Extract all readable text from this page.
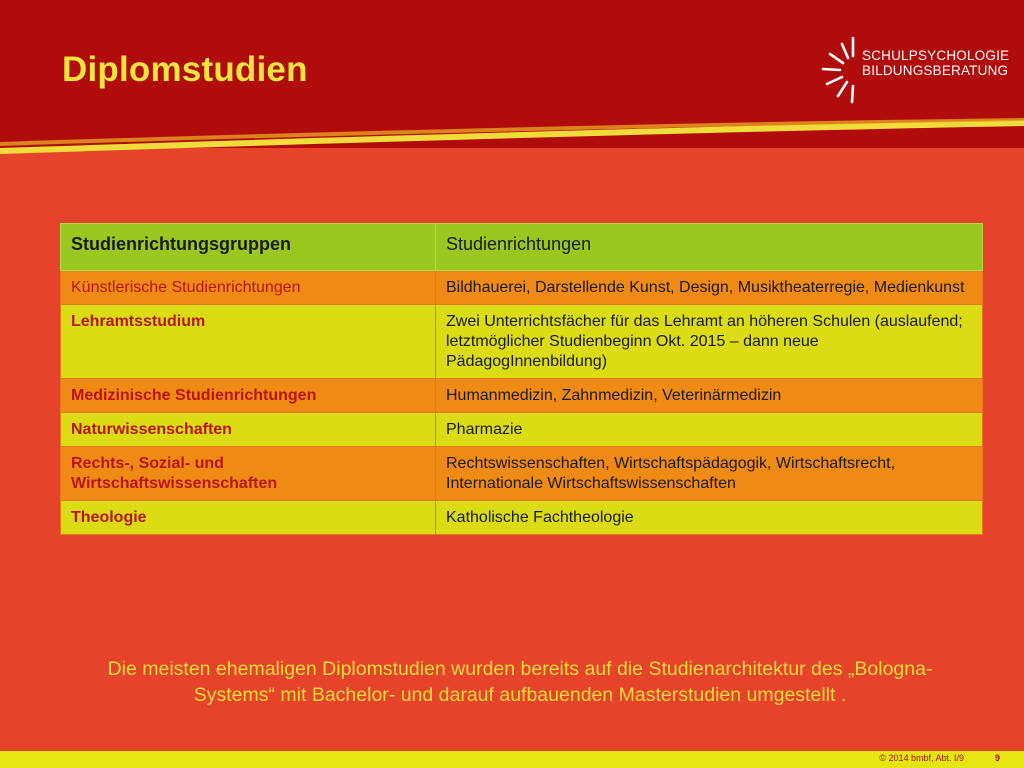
Diplomstudien	SCHULPSYCHOLOGIE
BILDUNGSBERATUNG
Studienrichtungsgruppen	Studienrichtungen
Künstlerische Studienrichtungen	Bildhauerei, Darstellende Kunst, Design, Musiktheaterregie, Medienkunst
Lehramtsstudium	Zwei Unterrichtsfächer für das Lehramt an höheren Schulen (auslaufend; letztmöglicher Studienbeginn Okt. 2015 – dann neue PädagogInnenbildung)
Medizinische Studienrichtungen	Humanmedizin, Zahnmedizin, Veterinärmedizin
Naturwissenschaften	Pharmazie
Rechts-, Sozial- und Wirtschaftswissenschaften	Rechtswissenschaften, Wirtschaftspädagogik, Wirtschaftsrecht, Internationale Wirtschaftswissenschaften
Theologie	Katholische Fachtheologie
Die meisten ehemaligen Diplomstudien wurden bereits auf die Studienarchitektur des „Bologna-Systems“ mit Bachelor- und darauf aufbauenden Masterstudien umgestellt .
© 2014 bmbf, Abt. I/9	9
